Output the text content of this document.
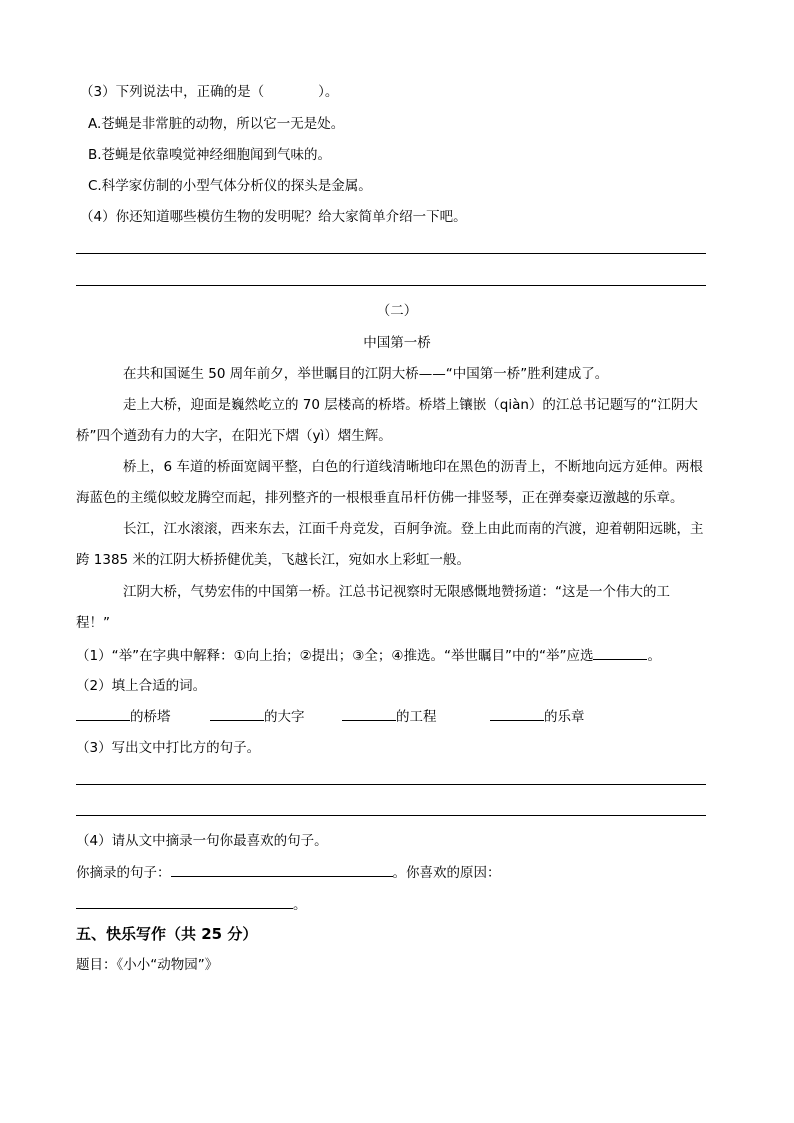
（3）下列说法中，正确的是（　　　　）。
A.苍蝇是非常脏的动物，所以它一无是处。
B.苍蝇是依靠嗅觉神经细胞闻到气味的。
C.科学家仿制的小型气体分析仪的探头是金属。
（4）你还知道哪些模仿生物的发明呢？给大家简单介绍一下吧。
（二）
中国第一桥
在共和国诞生 50 周年前夕，举世瞩目的江阴大桥——“中国第一桥”胜利建成了。
走上大桥，迎面是巍然屹立的 70 层楼高的桥塔。桥塔上镶嵌（qiàn）的江总书记题写的“江阴大
桥”四个遒劲有力的大字，在阳光下熠（yì）熠生辉。
桥上，6 车道的桥面宽阔平整，白色的行道线清晰地印在黑色的沥青上，不断地向远方延伸。两根
海蓝色的主缆似蛟龙腾空而起，排列整齐的一根根垂直吊杆仿佛一排竖琴，正在弹奏豪迈激越的乐章。
长江，江水滚滚，西来东去，江面千舟竞发，百舸争流。登上由此而南的汽渡，迎着朝阳远眺，主
跨 1385 米的江阴大桥挢健优美，飞越长江，宛如水上彩虹一般。
江阴大桥，气势宏伟的中国第一桥。江总书记视察时无限感慨地赞扬道：“这是一个伟大的工
程！”
（1）“举”在字典中解释：①向上抬；②提出；③全；④推选。“举世瞩目”中的“举”应选	。
（2）填上合适的词。
的桥塔	的大字	的工程	的乐章
（3）写出文中打比方的句子。
（4）请从文中摘录一句你最喜欢的句子。
你摘录的句子：	。你喜欢的原因：
。
五、快乐写作（共 25 分）
题目：《小小“动物园”》
